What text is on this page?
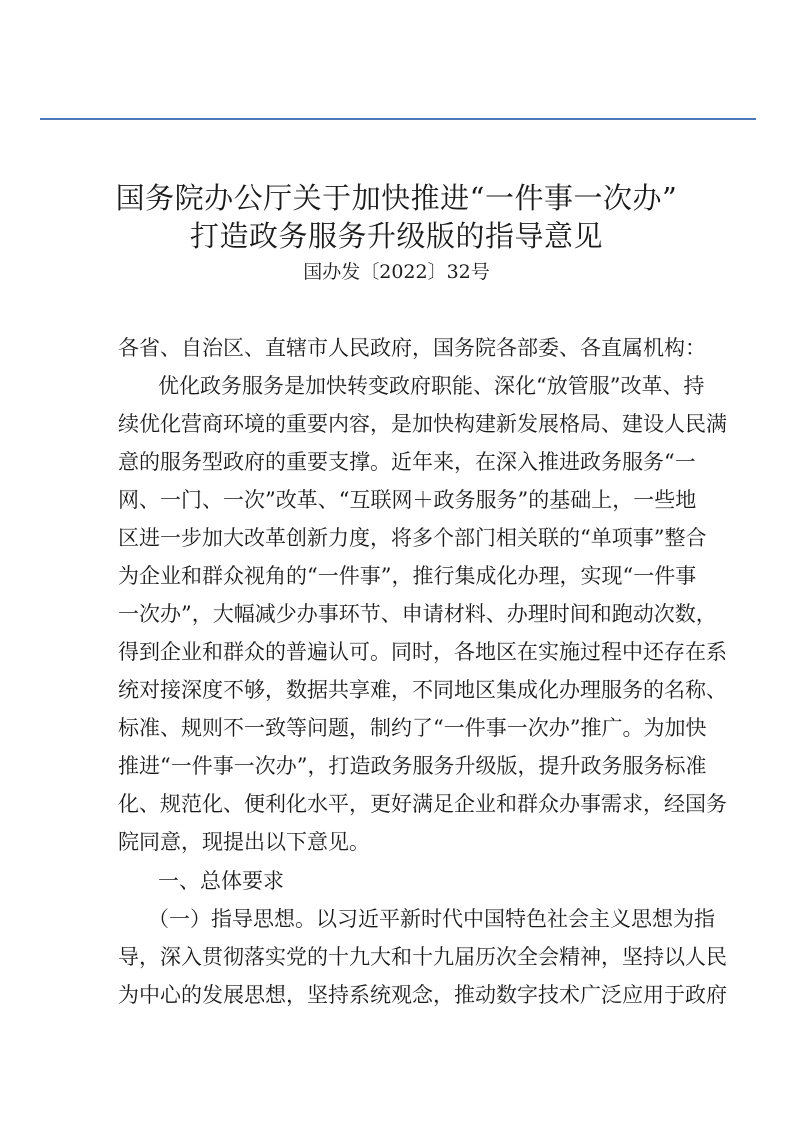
国务院办公厅关于加快推进“一件事一次办”
打造政务服务升级版的指导意见
国办发〔2022〕32号
各省、自治区、直辖市人民政府，国务院各部委、各直属机构：
优化政务服务是加快转变政府职能、深化“放管服”改革、持
续优化营商环境的重要内容，是加快构建新发展格局、建设人民满
意的服务型政府的重要支撑。近年来，在深入推进政务服务“一
网、一门、一次”改革、“互联网＋政务服务”的基础上，一些地
区进一步加大改革创新力度，将多个部门相关联的“单项事”整合
为企业和群众视角的“一件事”，推行集成化办理，实现“一件事
一次办”，大幅减少办事环节、申请材料、办理时间和跑动次数，
得到企业和群众的普遍认可。同时，各地区在实施过程中还存在系
统对接深度不够，数据共享难，不同地区集成化办理服务的名称、
标准、规则不一致等问题，制约了“一件事一次办”推广。为加快
推进“一件事一次办”，打造政务服务升级版，提升政务服务标准
化、规范化、便利化水平，更好满足企业和群众办事需求，经国务
院同意，现提出以下意见。
一、总体要求
（一）指导思想。以习近平新时代中国特色社会主义思想为指
导，深入贯彻落实党的十九大和十九届历次全会精神，坚持以人民
为中心的发展思想，坚持系统观念，推动数字技术广泛应用于政府
